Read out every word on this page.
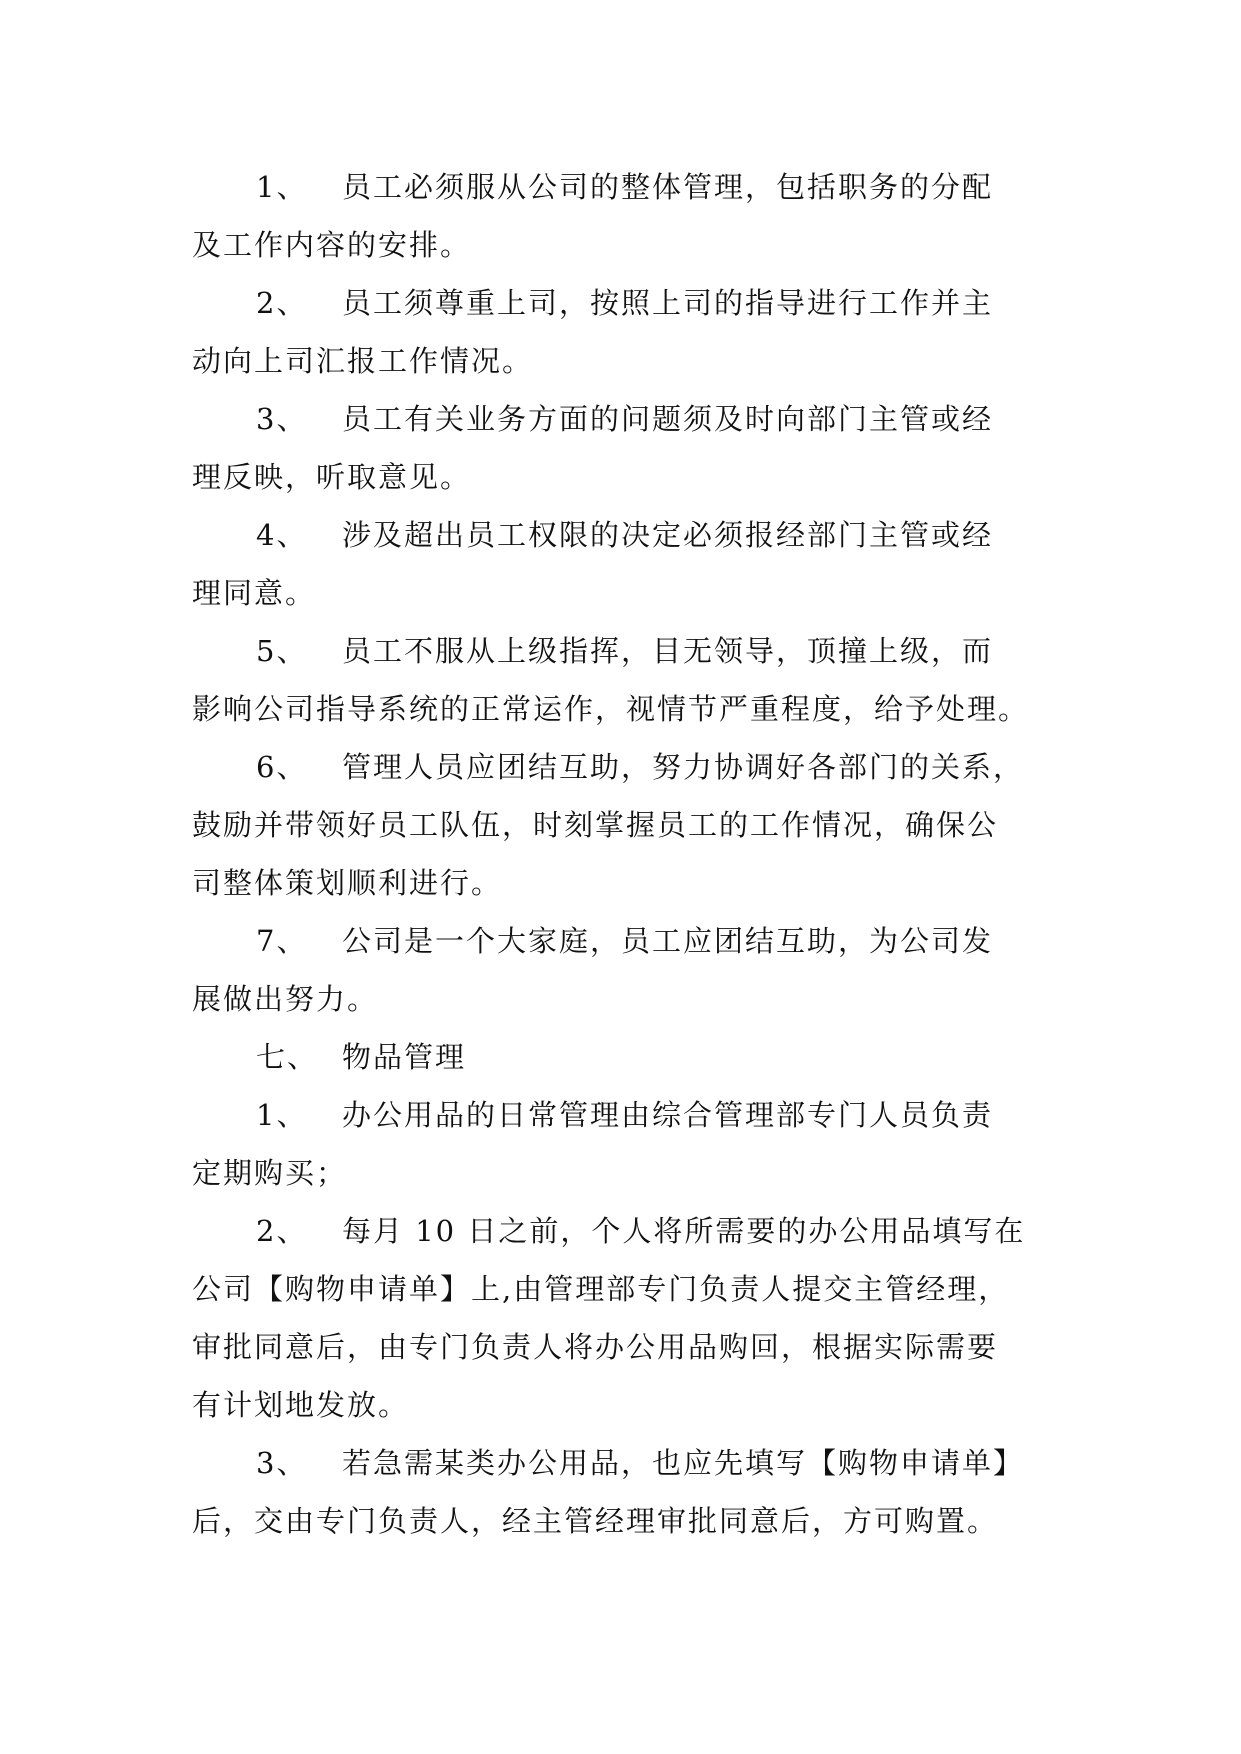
1、 员工必须服从公司的整体管理，包括职务的分配
及工作内容的安排。
2、 员工须尊重上司，按照上司的指导进行工作并主
动向上司汇报工作情况。
3、 员工有关业务方面的问题须及时向部门主管或经
理反映，听取意见。
4、 涉及超出员工权限的决定必须报经部门主管或经
理同意。
5、 员工不服从上级指挥，目无领导，顶撞上级，而
影响公司指导系统的正常运作，视情节严重程度，给予处理。
6、 管理人员应团结互助，努力协调好各部门的关系，
鼓励并带领好员工队伍，时刻掌握员工的工作情况，确保公
司整体策划顺利进行。
7、 公司是一个大家庭，员工应团结互助，为公司发
展做出努力。
七、 物品管理
1、 办公用品的日常管理由综合管理部专门人员负责
定期购买；
2、 每月 10 日之前，个人将所需要的办公用品填写在
公司【购物申请单】上,由管理部专门负责人提交主管经理，
审批同意后，由专门负责人将办公用品购回，根据实际需要
有计划地发放。
3、 若急需某类办公用品，也应先填写【购物申请单】
后，交由专门负责人，经主管经理审批同意后，方可购置。
